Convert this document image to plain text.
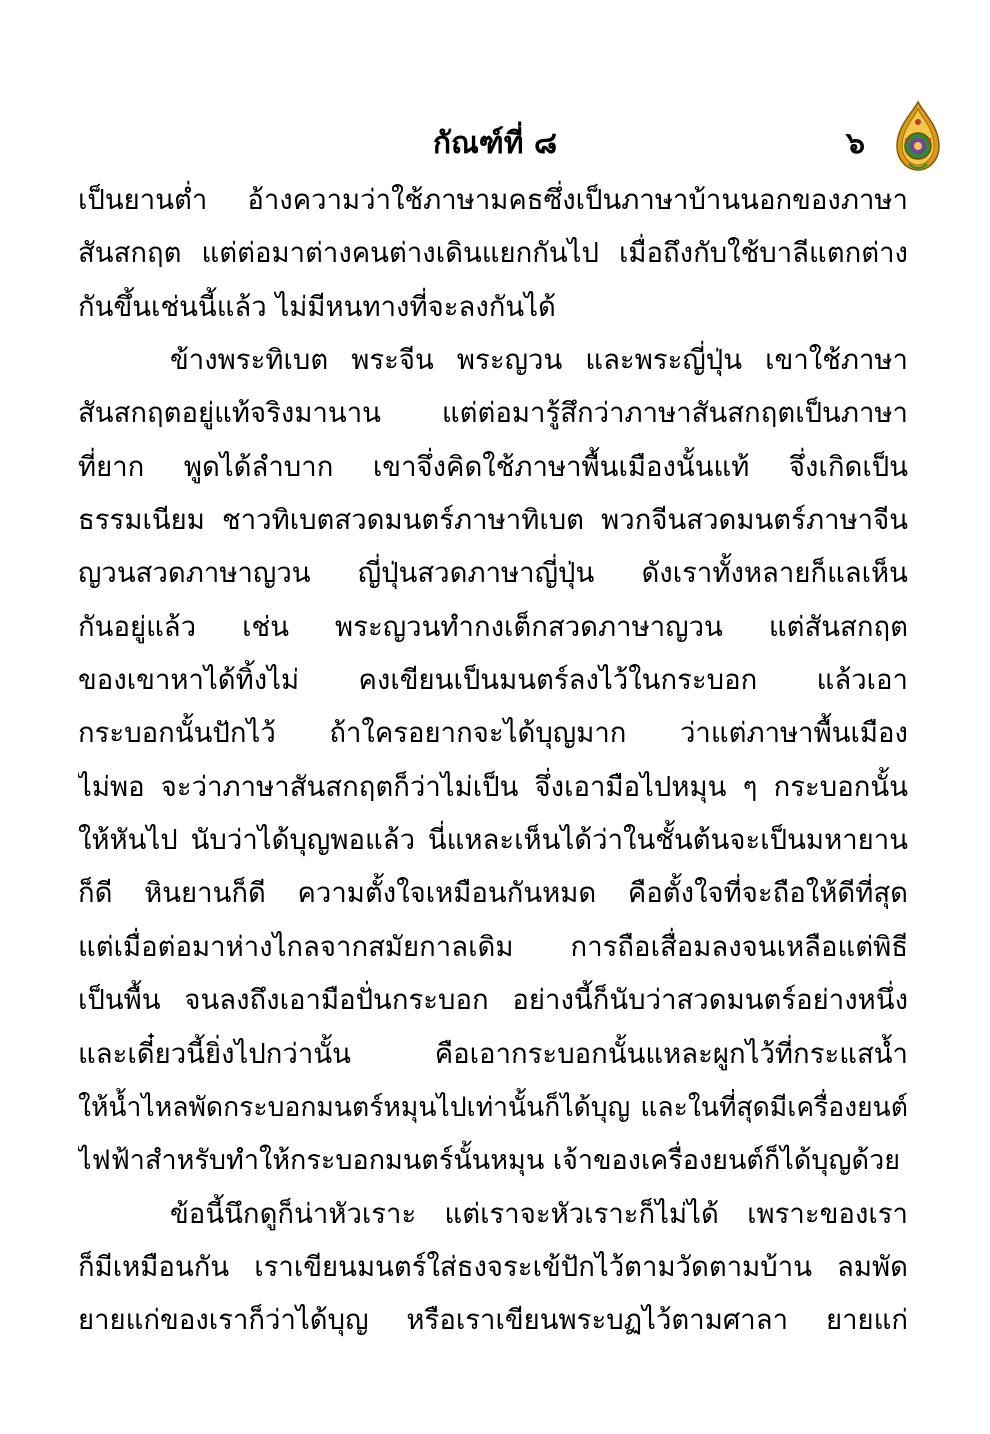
กัณฑ์ที่ ๘	๖
เป็นยานต่ำ อ้างความว่าใช้ภาษามคธซึ่งเป็นภาษาบ้านนอกของภาษา
สันสกฤต แต่ต่อมาต่างคนต่างเดินแยกกันไป เมื่อถึงกับใช้บาลีแตกต่าง
กันขึ้นเช่นนี้แล้ว ไม่มีหนทางที่จะลงกันได้
ข้างพระทิเบต พระจีน พระญวน และพระญี่ปุ่น เขาใช้ภาษา
สันสกฤตอยู่แท้จริงมานาน แต่ต่อมารู้สึกว่าภาษาสันสกฤตเป็นภาษา
ที่ยาก พูดได้ลำบาก เขาจึ่งคิดใช้ภาษาพื้นเมืองนั้นแท้ จึ่งเกิดเป็น
ธรรมเนียม ชาวทิเบตสวดมนตร์ภาษาทิเบต พวกจีนสวดมนตร์ภาษาจีน
ญวนสวดภาษาญวน ญี่ปุ่นสวดภาษาญี่ปุ่น ดังเราทั้งหลายก็แลเห็น
กันอยู่แล้ว เช่น พระญวนทำกงเต็กสวดภาษาญวน แต่สันสกฤต
ของเขาหาได้ทิ้งไม่ คงเขียนเป็นมนตร์ลงไว้ในกระบอก แล้วเอา
กระบอกนั้นปักไว้ ถ้าใครอยากจะได้บุญมาก ว่าแต่ภาษาพื้นเมือง
ไม่พอ จะว่าภาษาสันสกฤตก็ว่าไม่เป็น จึ่งเอามือไปหมุน ๆ กระบอกนั้น
ให้หันไป นับว่าได้บุญพอแล้ว นี่แหละเห็นได้ว่าในชั้นต้นจะเป็นมหายาน
ก็ดี หินยานก็ดี ความตั้งใจเหมือนกันหมด คือตั้งใจที่จะถือให้ดีที่สุด
แต่เมื่อต่อมาห่างไกลจากสมัยกาลเดิม การถือเสื่อมลงจนเหลือแต่พิธี
เป็นพื้น จนลงถึงเอามือปั่นกระบอก อย่างนี้ก็นับว่าสวดมนตร์อย่างหนึ่ง
และเดี๋ยวนี้ยิ่งไปกว่านั้น คือเอากระบอกนั้นแหละผูกไว้ที่กระแสน้ำ
ให้น้ำไหลพัดกระบอกมนตร์หมุนไปเท่านั้นก็ได้บุญ และในที่สุดมีเครื่องยนต์
ไฟฟ้าสำหรับทำให้กระบอกมนตร์นั้นหมุน เจ้าของเครื่องยนต์ก็ได้บุญด้วย
ข้อนี้นึกดูก็น่าหัวเราะ แต่เราจะหัวเราะก็ไม่ได้ เพราะของเรา
ก็มีเหมือนกัน เราเขียนมนตร์ใส่ธงจระเข้ปักไว้ตามวัดตามบ้าน ลมพัด
ยายแก่ของเราก็ว่าได้บุญ หรือเราเขียนพระบฏไว้ตามศาลา ยายแก่
